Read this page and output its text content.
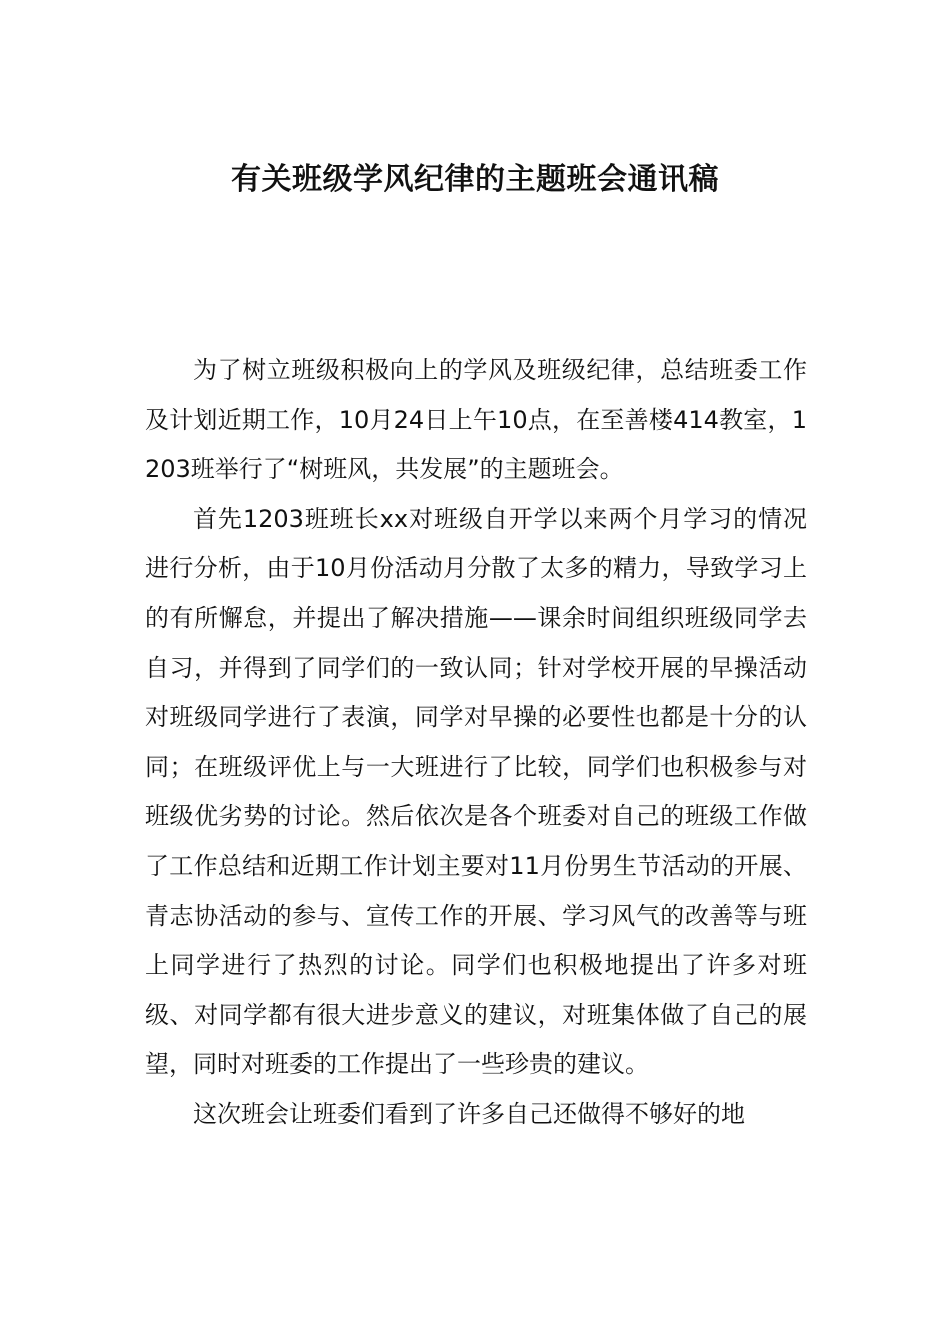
有关班级学风纪律的主题班会通讯稿

为了树立班级积极向上的学风及班级纪律，总结班委工作及计划近期工作，10月24日上午10点，在至善楼414教室，1203班举行了“树班风，共发展”的主题班会。

首先1203班班长xx对班级自开学以来两个月学习的情况进行分析，由于10月份活动月分散了太多的精力，导致学习上的有所懈怠，并提出了解决措施——课余时间组织班级同学去自习，并得到了同学们的一致认同；针对学校开展的早操活动对班级同学进行了表演，同学对早操的必要性也都是十分的认同；在班级评优上与一大班进行了比较，同学们也积极参与对班级优劣势的讨论。然后依次是各个班委对自己的班级工作做了工作总结和近期工作计划主要对11月份男生节活动的开展、青志协活动的参与、宣传工作的开展、学习风气的改善等与班上同学进行了热烈的讨论。同学们也积极地提出了许多对班级、对同学都有很大进步意义的建议，对班集体做了自己的展望，同时对班委的工作提出了一些珍贵的建议。

这次班会让班委们看到了许多自己还做得不够好的地
